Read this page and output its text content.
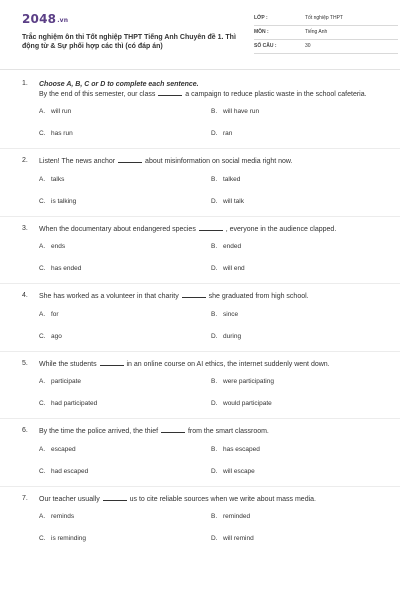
2048.vn
Trắc nghiệm ôn thi Tốt nghiệp THPT Tiếng Anh Chuyên đề 1. Thì động từ & Sự phối hợp các thì (có đáp án)
LỚP :	Tốt nghiệp THPT
MÔN :	Tiếng Anh
SỐ CÂU :	30
1. Choose A, B, C or D to complete each sentence.
By the end of this semester, our class	a campaign to reduce plastic waste in the school cafeteria.
A. will run	B. will have run
C. has run	D. ran
2. Listen! The news anchor	about misinformation on social media right now.
A. talks	B. talked
C. is talking	D. will talk
3. When the documentary about endangered species	, everyone in the audience clapped.
A. ends	B. ended
C. has ended	D. will end
4. She has worked as a volunteer in that charity	she graduated from high school.
A. for	B. since
C. ago	D. during
5. While the students	in an online course on AI ethics, the internet suddenly went down.
A. participate	B. were participating
C. had participated	D. would participate
6. By the time the police arrived, the thief	from the smart classroom.
A. escaped	B. has escaped
C. had escaped	D. will escape
7. Our teacher usually	us to cite reliable sources when we write about mass media.
A. reminds	B. reminded
C. is reminding	D. will remind
